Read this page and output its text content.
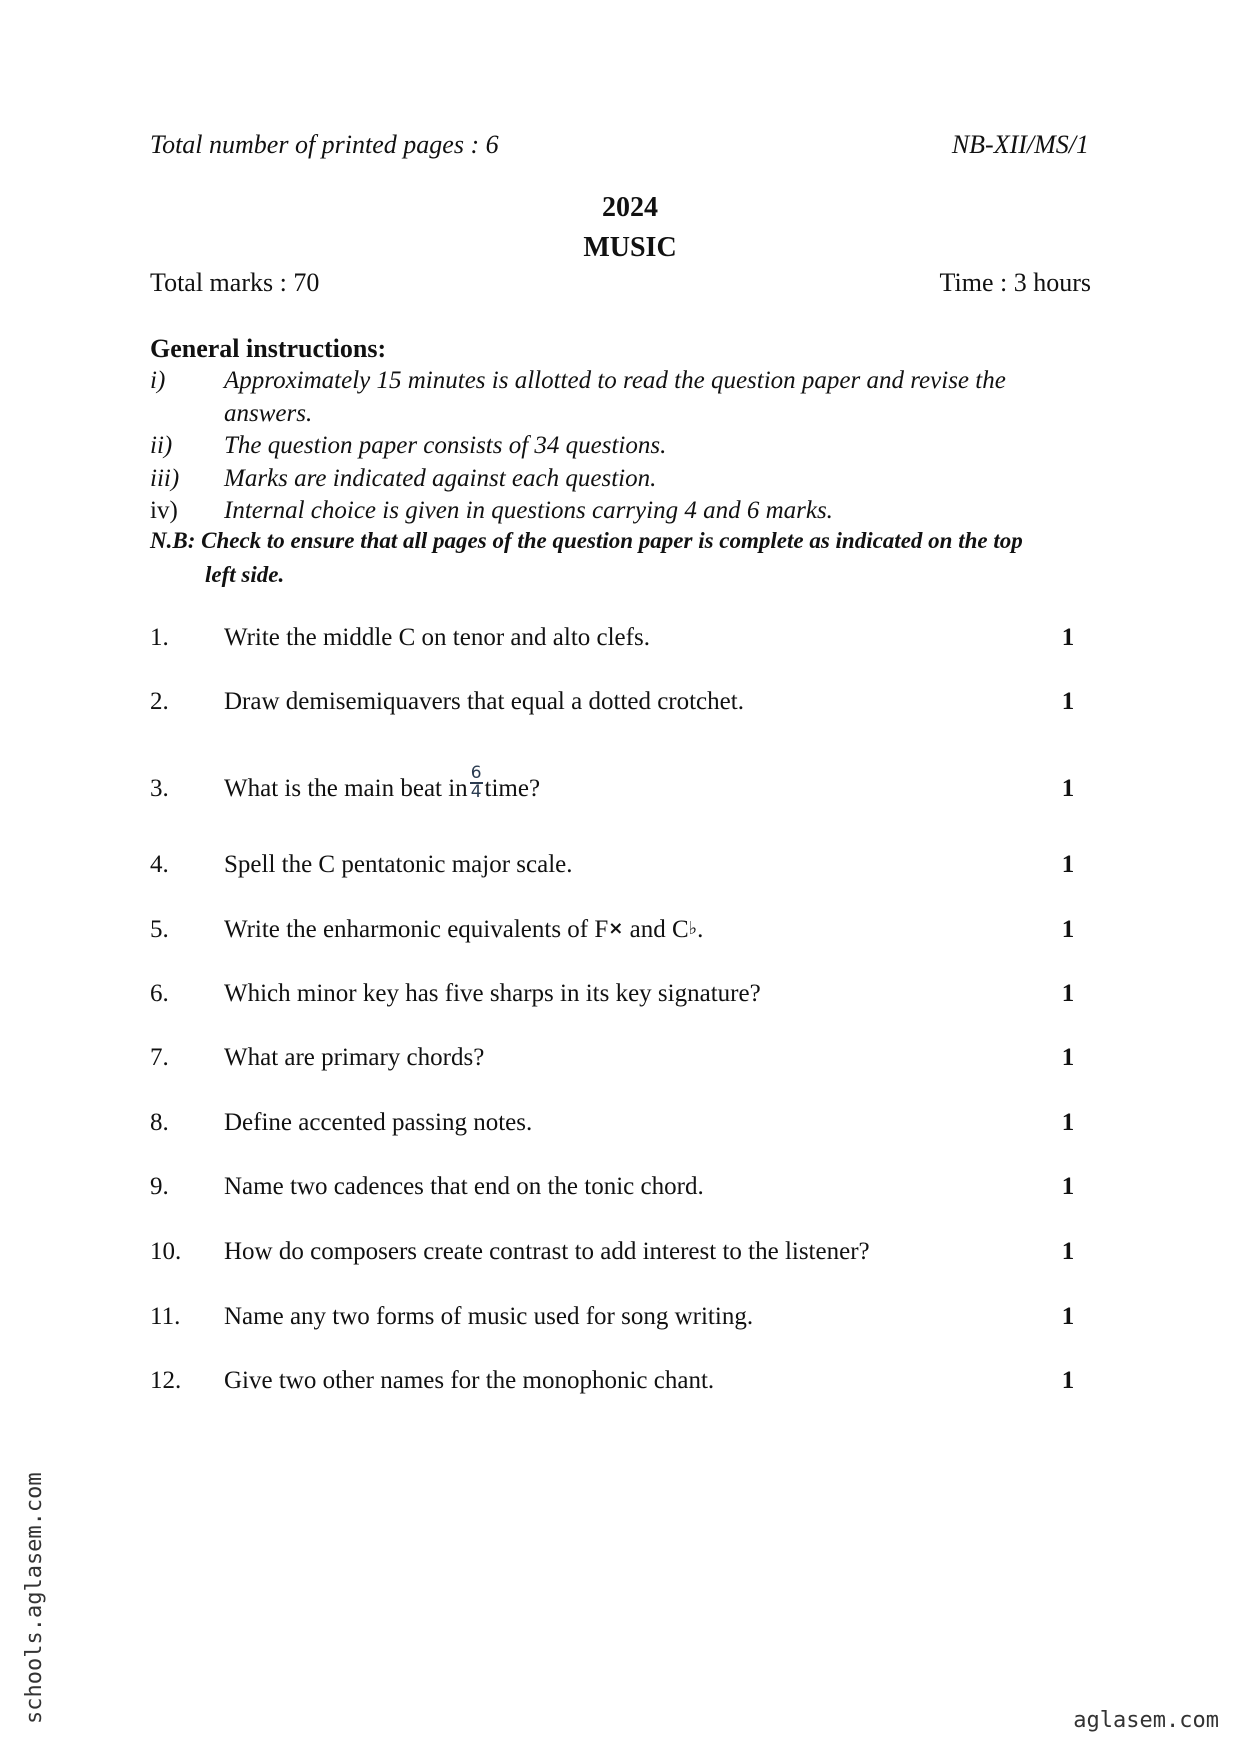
Total number of printed pages : 6	NB-XII/MS/1
2024
MUSIC
Total marks : 70	Time : 3 hours
General instructions:
i) Approximately 15 minutes is allotted to read the question paper and revise the
answers.
ii) The question paper consists of 34 questions.
iii) Marks are indicated against each question.
iv) Internal choice is given in questions carrying 4 and 6 marks.
N.B: Check to ensure that all pages of the question paper is complete as indicated on the top
left side.
1.	Write the middle C on tenor and alto clefs.	1
2.	Draw demisemiquavers that equal a dotted crotchet.	1
3.	What is the main beat in $\frac{6}{4}$ time?	1
4.	Spell the C pentatonic major scale.	1
5.	Write the enharmonic equivalents of F× and C♭.	1
6.	Which minor key has five sharps in its key signature?	1
7.	What are primary chords?	1
8.	Define accented passing notes.	1
9.	Name two cadences that end on the tonic chord.	1
10.	How do composers create contrast to add interest to the listener?	1
11.	Name any two forms of music used for song writing.	1
12.	Give two other names for the monophonic chant.	1
schools.aglasem.com	aglasem.com
